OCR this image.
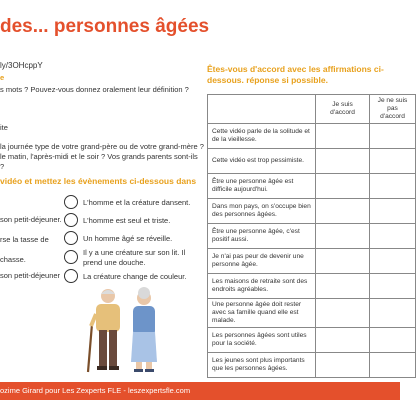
des... personnes âgées
ly/3OHcppY
e
s mots ? Pouvez-vous donnez oralement leur définition ?
ite
la journée type de votre grand-père ou de votre grand-mère ?
le matin, l'après-midi et le soir ? Vos grands parents sont-ils
?
vidéo et mettez les évènements ci-dessous dans
son petit-déjeuner.
rse la tasse de
chasse.
son petit-déjeuner
L'homme et la créature dansent.
L'homme est seul et triste.
Un homme âgé se réveille.
Il y a une créature sur son lit. Il prend une douche.
La créature change de couleur.
Êtes-vous d'accord avec les affirmations ci-dessous. réponse si possible.
	Je suis d'accord	Je ne suis pas d'accord
Cette vidéo parle de la solitude et de la vieillesse.		
Cette vidéo est trop pessimiste.		
Être une personne âgée est difficile aujourd'hui.		
Dans mon pays, on s'occupe bien des personnes âgées.		
Être une personne âgée, c'est positif aussi.		
Je n'ai pas peur de devenir une personne âgée.		
Les maisons de retraite sont des endroits agréables.		
Une personne âgée doit rester avec sa famille quand elle est malade.		
Les personnes âgées sont utiles pour la société.		
Les jeunes sont plus importants que les personnes âgées.		
ozime Girard pour Les Zexperts FLE - leszexpertsfle.com
